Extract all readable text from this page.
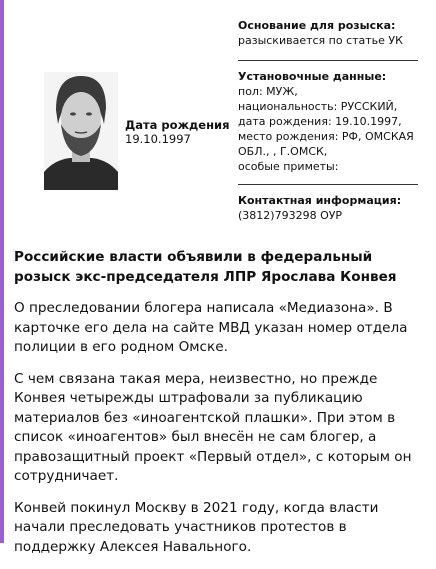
Дата рождения
19.10.1997
Основание для розыска:
разыскивается по статье УК
Установочные данные:
пол: МУЖ,
национальность: РУССКИЙ,
дата рождения: 19.10.1997,
место рождения: РФ, ОМСКАЯ
ОБЛ., , Г.ОМСК,
особые приметы:
Контактная информация:
(3812)793298 ОУР
Российские власти объявили в федеральный розыск экс-председателя ЛПР Ярослава Конвея

О преследовании блогера написала «Медиазона». В карточке его дела на сайте МВД указан номер отдела полиции в его родном Омске.

С чем связана такая мера, неизвестно, но прежде Конвея четырежды штрафовали за публикацию материалов без «иноагентской плашки». При этом в список «иноагентов» был внесён не сам блогер, а правозащитный проект «Первый отдел», с которым он сотрудничает.

Конвей покинул Москву в 2021 году, когда власти начали преследовать участников протестов в поддержку Алексея Навального.
